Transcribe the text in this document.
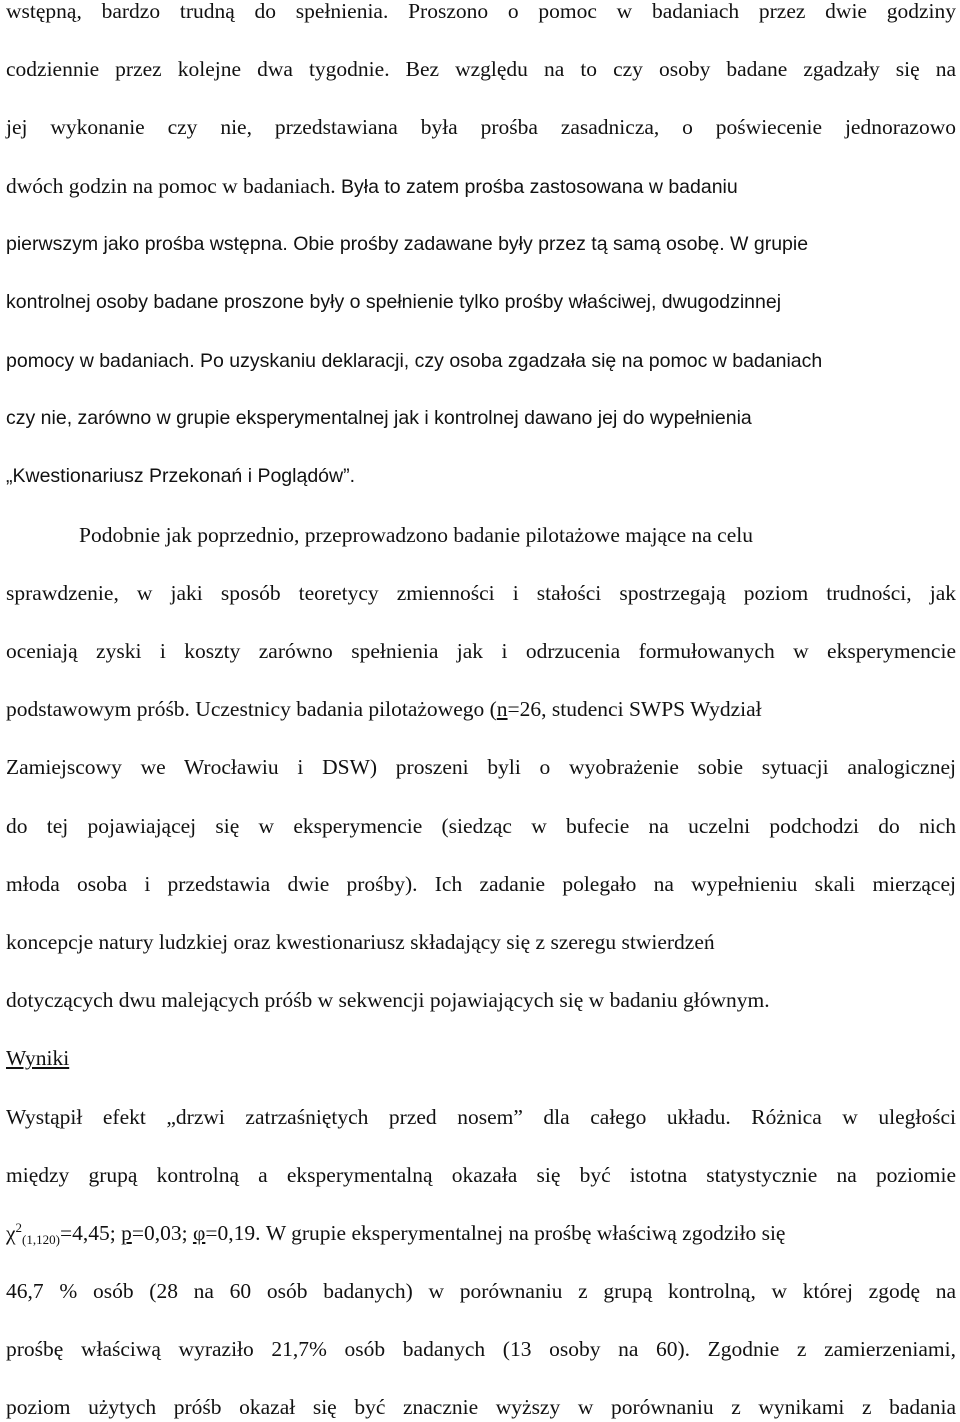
wstępną, bardzo trudną do spełnienia. Proszono o pomoc w badaniach przez dwie godziny
codziennie przez kolejne dwa tygodnie. Bez względu na to czy osoby badane zgadzały się na
jej wykonanie czy nie, przedstawiana była prośba zasadnicza, o poświecenie jednorazowo
dwóch godzin na pomoc w badaniach. Była to zatem prośba zastosowana w badaniu
pierwszym jako prośba wstępna. Obie prośby zadawane były przez tą samą osobę. W grupie
kontrolnej osoby badane proszone były o spełnienie tylko prośby właściwej, dwugodzinnej
pomocy w badaniach. Po uzyskaniu deklaracji, czy osoba zgadzała się na pomoc w badaniach
czy nie, zarówno w grupie eksperymentalnej jak i kontrolnej dawano jej do wypełnienia
„Kwestionariusz Przekonań i Poglądów”.
Podobnie jak poprzednio, przeprowadzono badanie pilotażowe mające na celu
sprawdzenie, w jaki sposób teoretycy zmienności i stałości spostrzegają poziom trudności, jak
oceniają zyski i koszty zarówno spełnienia jak i odrzucenia formułowanych w eksperymencie
podstawowym próśb. Uczestnicy badania pilotażowego (n=26, studenci SWPS Wydział
Zamiejscowy we Wrocławiu i DSW) proszeni byli o wyobrażenie sobie sytuacji analogicznej
do tej pojawiającej się w eksperymencie (siedząc w bufecie na uczelni podchodzi do nich
młoda osoba i przedstawia dwie prośby). Ich zadanie polegało na wypełnieniu skali mierzącej
koncepcje natury ludzkiej oraz kwestionariusz składający się z szeregu stwierdzeń
dotyczących dwu malejących próśb w sekwencji pojawiających się w badaniu głównym.
Wyniki
Wystąpił efekt „drzwi zatrzaśniętych przed nosem” dla całego układu. Różnica w uległości
między grupą kontrolną a eksperymentalną okazała się być istotna statystycznie na poziomie
$\chi^2_{(1,120)}=4,45$; p=0,03; φ=0,19. W grupie eksperymentalnej na prośbę właściwą zgodziło się
46,7 % osób (28 na 60 osób badanych) w porównaniu z grupą kontrolną, w której zgodę na
prośbę właściwą wyraziło 21,7% osób badanych (13 osoby na 60). Zgodnie z zamierzeniami,
poziom użytych próśb okazał się być znacznie wyższy w porównaniu z wynikami z badania
